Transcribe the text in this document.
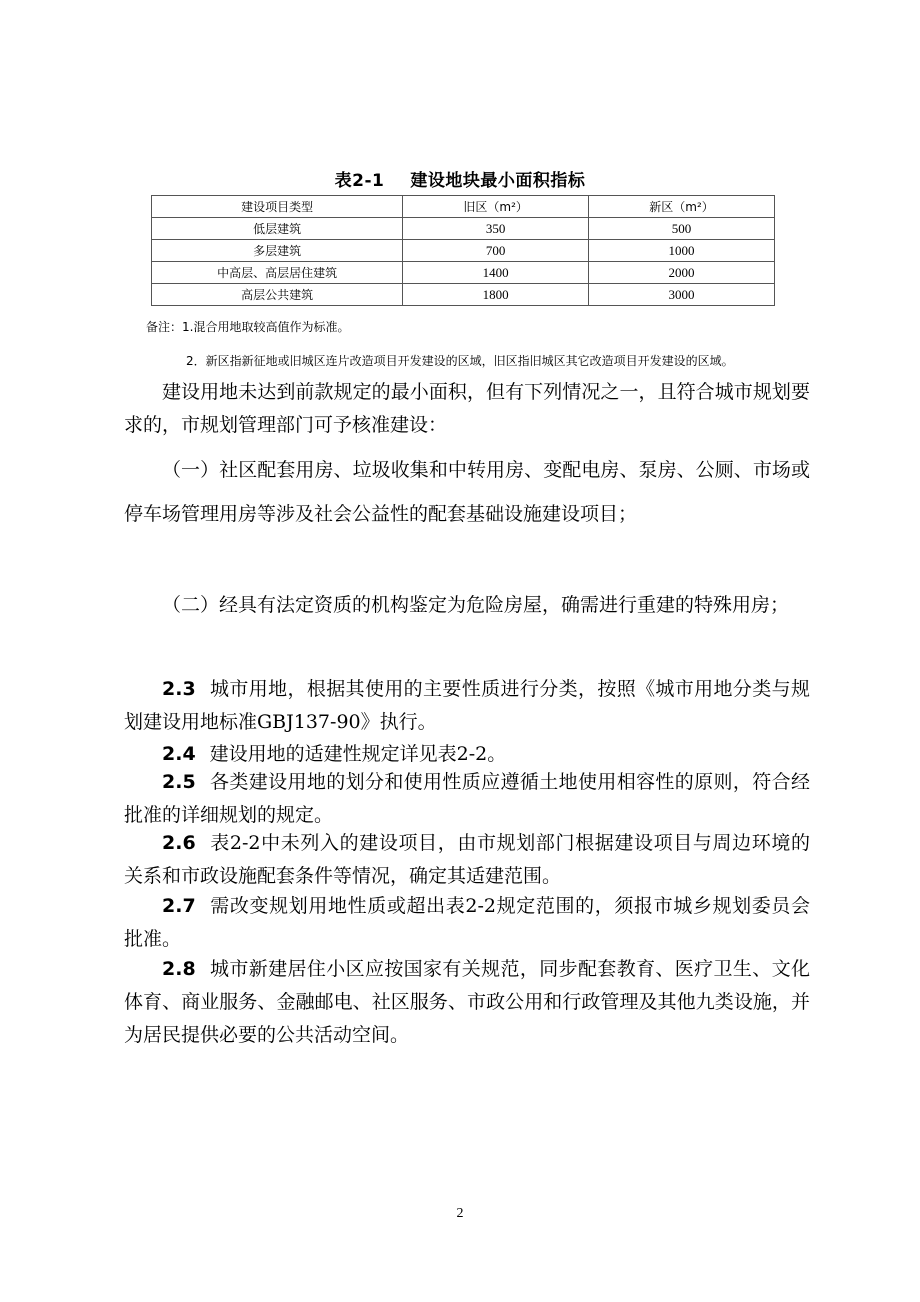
表2-1 建设地块最小面积指标
建设项目类型	旧区（m²）	新区（m²）
低层建筑	350	500
多层建筑	700	1000
中高层、高层居住建筑	1400	2000
高层公共建筑	1800	3000
备注：1.混合用地取较高值作为标准。
2．新区指新征地或旧城区连片改造项目开发建设的区域，旧区指旧城区其它改造项目开发建设的区域。
建设用地未达到前款规定的最小面积，但有下列情况之一，且符合城市规划要求的，市规划管理部门可予核准建设：
（一）社区配套用房、垃圾收集和中转用房、变配电房、泵房、公厕、市场或停车场管理用房等涉及社会公益性的配套基础设施建设项目；
（二）经具有法定资质的机构鉴定为危险房屋，确需进行重建的特殊用房；
2.3 城市用地，根据其使用的主要性质进行分类，按照《城市用地分类与规划建设用地标准GBJ137-90》执行。
2.4 建设用地的适建性规定详见表2-2。
2.5 各类建设用地的划分和使用性质应遵循土地使用相容性的原则，符合经批准的详细规划的规定。
2.6 表2-2中未列入的建设项目，由市规划部门根据建设项目与周边环境的关系和市政设施配套条件等情况，确定其适建范围。
2.7 需改变规划用地性质或超出表2-2规定范围的，须报市城乡规划委员会批准。
2.8 城市新建居住小区应按国家有关规范，同步配套教育、医疗卫生、文化体育、商业服务、金融邮电、社区服务、市政公用和行政管理及其他九类设施，并为居民提供必要的公共活动空间。
2
